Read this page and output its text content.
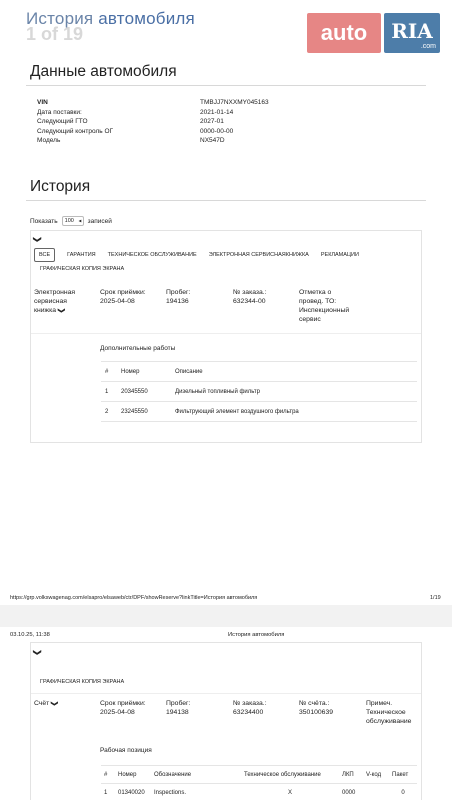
История автомобиля
1 of 19	auto	RIA
.com
Данные автомобиля
VIN	TMBJJ7NXXMY045163
Дата поставки:	2021-01-14
Следующий ГТО	2027-01
Следующий контроль ОГ	0000-00-00
Модель	NX547D
История
Показать 100 ▾ записей
❯
ВСЕ	ГАРАНТИЯ ТЕХНИЧЕСКОЕ ОБСЛУЖИВАНИЕ ЭЛЕКТРОННАЯ СЕРВИСНАЯКНИЖКА РЕКЛАМАЦИИ
ГРАФИЧЕСКАЯ КОПИЯ ЭКРАНА
Электронная
сервисная
книжка ❯
Срок приёмки:
2025-04-08
Пробег:
194136
№ заказа.:
632344-00
Отметка о
провед. ТО:
Инспекционный
сервис
Дополнительные работы
#	Номер	Описание
1	20345550	Дизельный топливный фильтр
2	23245550	Фильтрующий элемент воздушного фильтра
https://grp.volkswagenag.com/elsapro/elsaweb/ctr/DPF/showReserve?linkTitle=История автомобиля	1/19
03.10.25, 11:38	История автомобиля
❯
ГРАФИЧЕСКАЯ КОПИЯ ЭКРАНА
Счёт ❯	Срок приёмки:
2025-04-08
Пробег:
194138
№ заказа.:
63234400
№ счёта.:
350100639
Примеч.
Техническое
обслуживание
Рабочая позиция
#	Номер	Обозначение	Техническое обслуживание	ЛКП	V-код	Пакет
1	01340020	Inspections.	X	0000		0
